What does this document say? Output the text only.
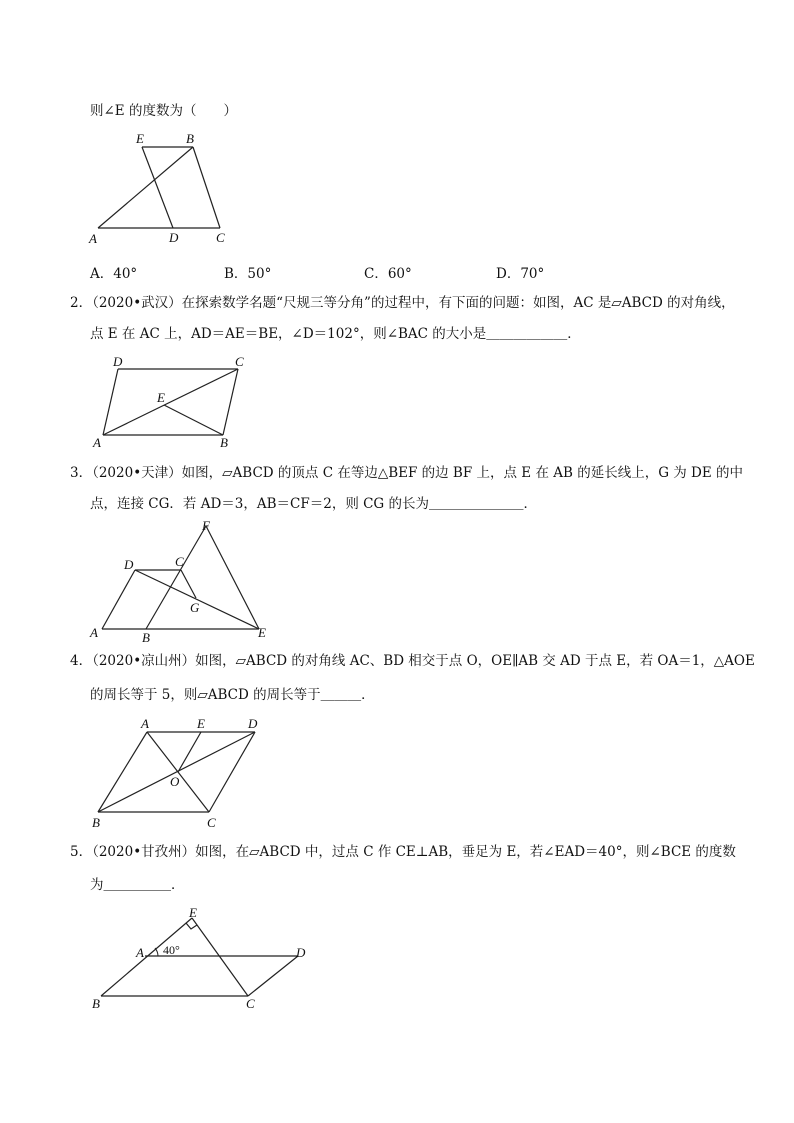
则∠E 的度数为（　　）
E	B
A	D	C
A．40°	B．50°	C．60°	D．70°
2．（2020•武汉）在探索数学名题“尺规三等分角”的过程中，有下面的问题：如图，AC 是▱ABCD 的对角线，
点 E 在 AC 上，AD＝AE＝BE，∠D＝102°，则∠BAC 的大小是＿＿＿＿＿＿．
D	C
E
A	B
3．（2020•天津）如图，▱ABCD 的顶点 C 在等边△BEF 的边 BF 上，点 E 在 AB 的延长线上，G 为 DE 的中
点，连接 CG．若 AD＝3，AB＝CF＝2，则 CG 的长为＿＿＿＿＿＿＿．
F
D	C
G
A	B	E
4．（2020•凉山州）如图，▱ABCD 的对角线 AC、BD 相交于点 O，OE∥AB 交 AD 于点 E，若 OA＝1，△AOE
的周长等于 5，则▱ABCD 的周长等于＿＿＿．
A	E	D
O
B	C
5．（2020•甘孜州）如图，在▱ABCD 中，过点 C 作 CE⊥AB，垂足为 E，若∠EAD＝40°，则∠BCE 的度数
为＿＿＿＿＿．
E
A 40°	D
B	C
